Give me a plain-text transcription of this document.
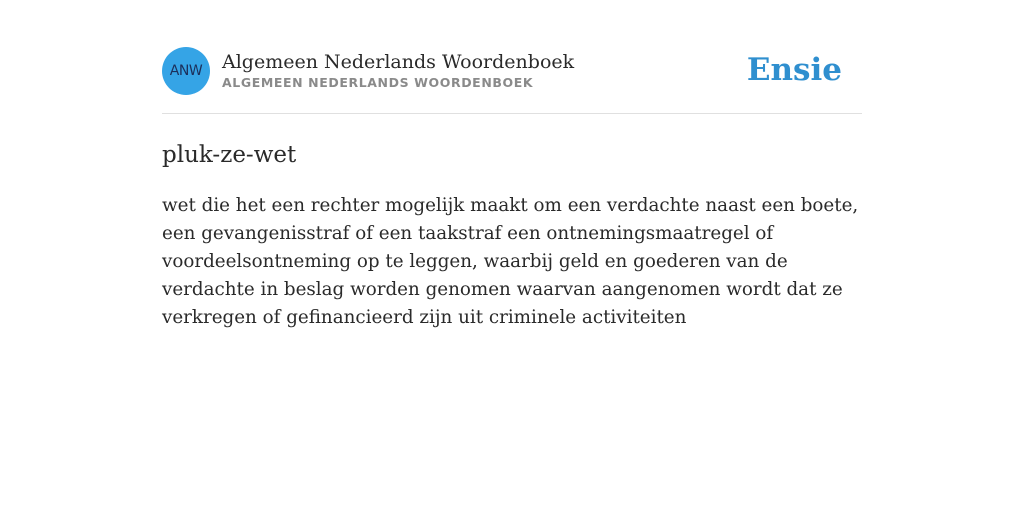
ANW	Algemeen Nederlands Woordenboek
ALGEMEEN NEDERLANDS WOORDENBOEK	Ensie
pluk-ze-wet
wet die het een rechter mogelijk maakt om een verdachte naast een boete, een gevangenisstraf of een taakstraf een ontnemingsmaatregel of voordeelsontneming op te leggen, waarbij geld en goederen van de verdachte in beslag worden genomen waarvan aangenomen wordt dat ze verkregen of gefinancieerd zijn uit criminele activiteiten
